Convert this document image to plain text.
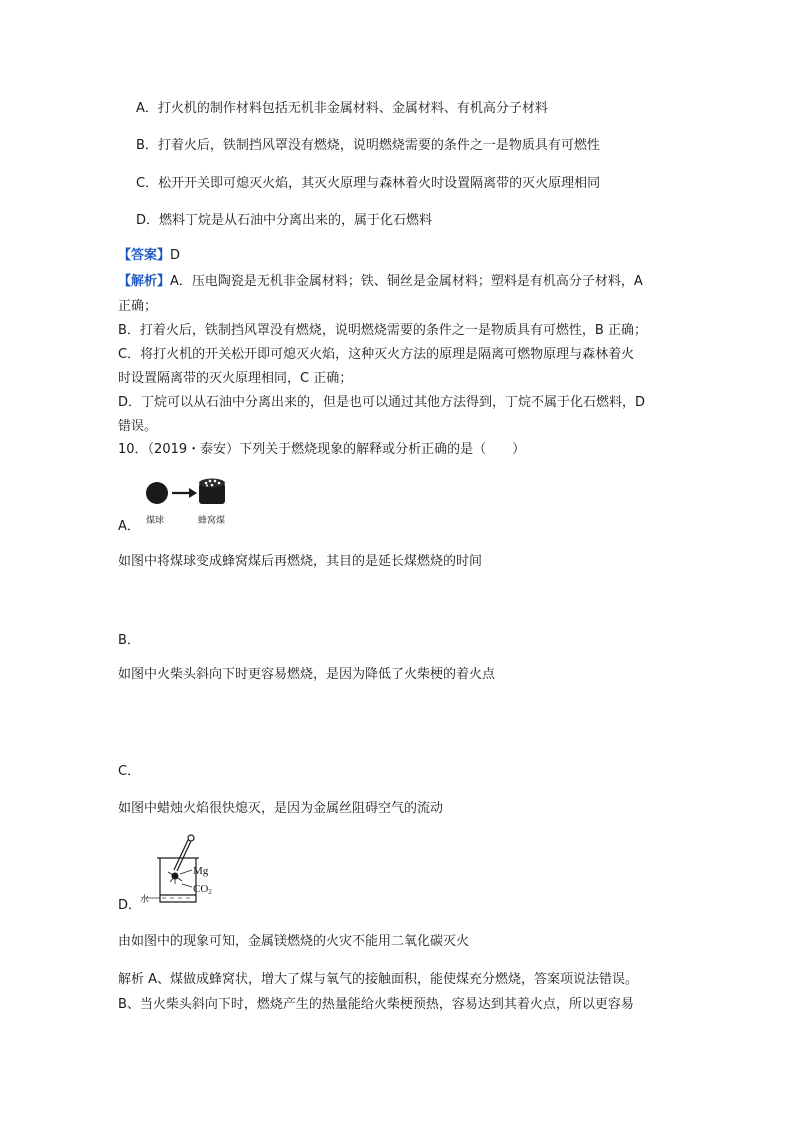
A．打火机的制作材料包括无机非金属材料、金属材料、有机高分子材料
B．打着火后，铁制挡风罩没有燃烧，说明燃烧需要的条件之一是物质具有可燃性
C．松开开关即可熄灭火焰，其灭火原理与森林着火时设置隔离带的灭火原理相同
D．燃料丁烷是从石油中分离出来的，属于化石燃料
【答案】D
【解析】A．压电陶瓷是无机非金属材料；铁、铜丝是金属材料；塑料是有机高分子材料，A
正确；
B．打着火后，铁制挡风罩没有燃烧，说明燃烧需要的条件之一是物质具有可燃性，B 正确；
C．将打火机的开关松开即可熄灭火焰，这种灭火方法的原理是隔离可燃物原理与森林着火
时设置隔离带的灭火原理相同，C 正确；
D．丁烷可以从石油中分离出来的，但是也可以通过其他方法得到，丁烷不属于化石燃料，D
错误。
10．（2019・泰安）下列关于燃烧现象的解释或分析正确的是（　　）
煤球	蜂窝煤
A．
如图中将煤球变成蜂窝煤后再燃烧，其目的是延长煤燃烧的时间
B．
如图中火柴头斜向下时更容易燃烧，是因为降低了火柴梗的着火点
C．
如图中蜡烛火焰很快熄灭，是因为金属丝阻碍空气的流动
Mg
CO2
水
D．
由如图中的现象可知，金属镁燃烧的火灾不能用二氧化碳灭火
解析 A、煤做成蜂窝状，增大了煤与氧气的接触面积，能使煤充分燃烧，答案项说法错误。
B、当火柴头斜向下时，燃烧产生的热量能给火柴梗预热，容易达到其着火点，所以更容易
